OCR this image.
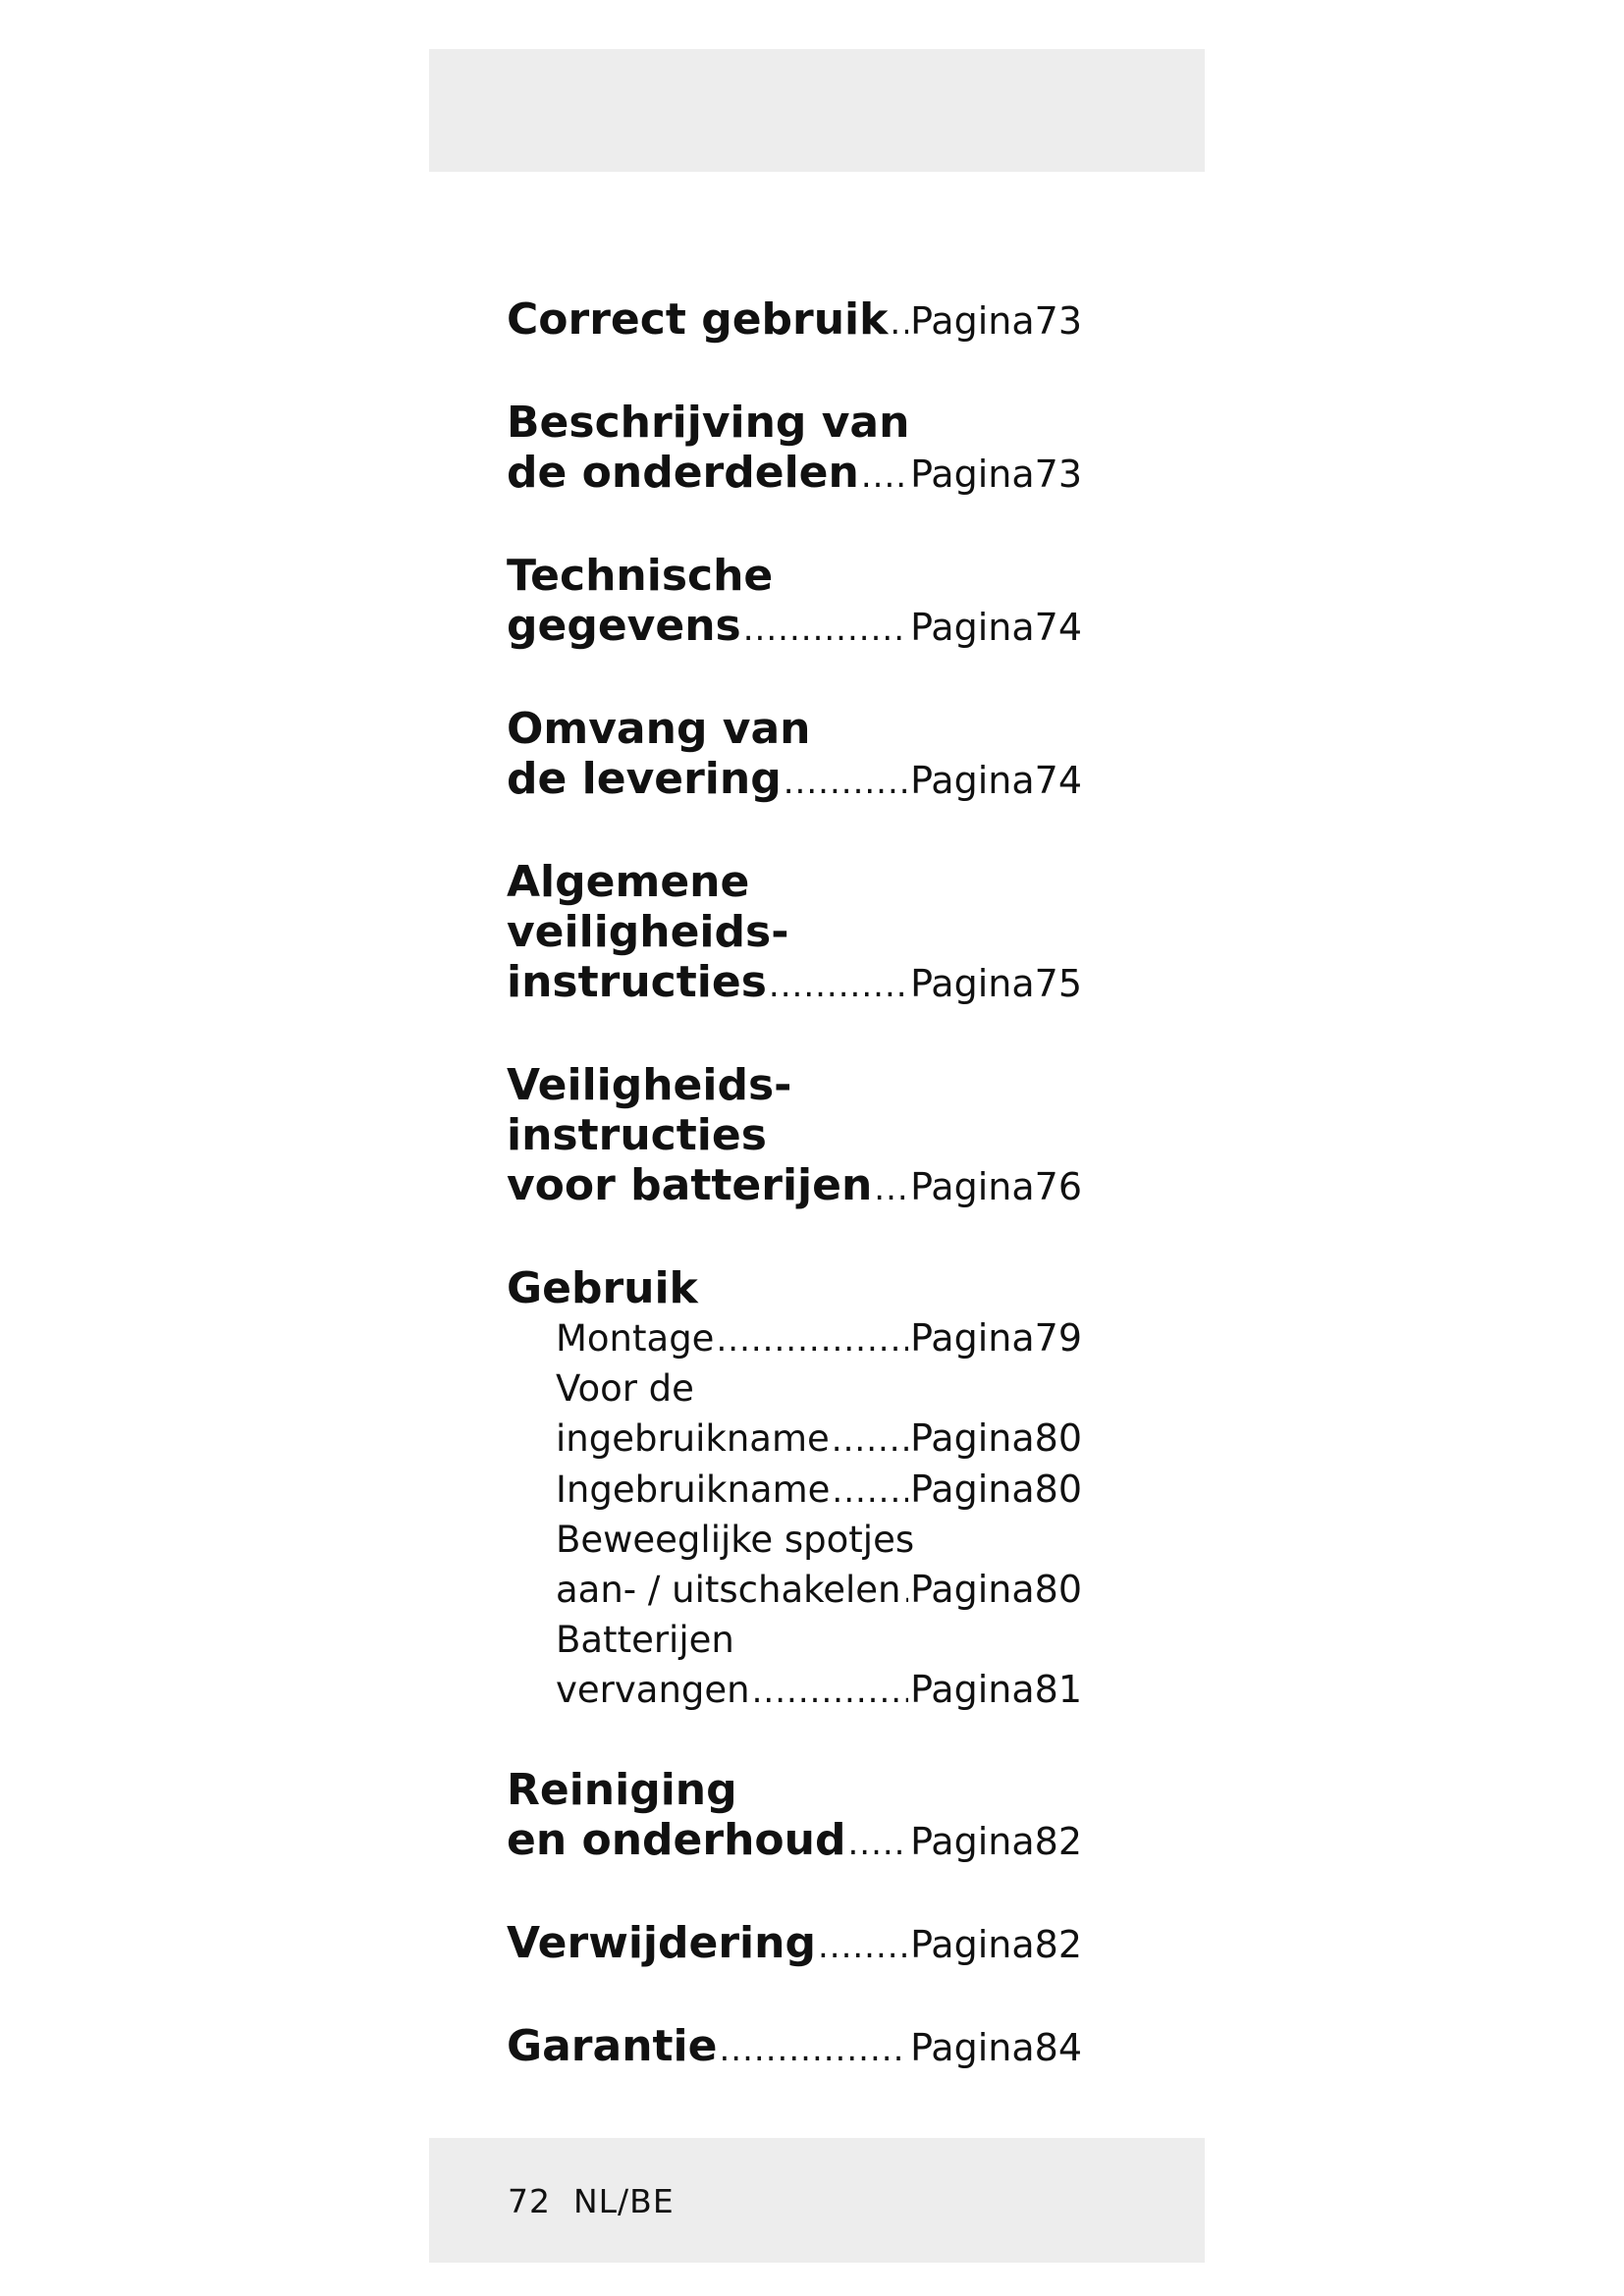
Correct gebruik ..... Pagina 73
Beschrijving van
de onderdelen ..... Pagina 73
Technische
gegevens .....	Pagina 74
Omvang van
de levering .....	Pagina 74
Algemene
veiligheids-
instructies .....	Pagina 75
Veiligheids-
instructies
voor batterijen ..... Pagina 76
Gebruik
Montage .....	Pagina 79
Voor de
ingebruikname ..... Pagina 80
Ingebruikname ..... Pagina 80
Beweeglijke spotjes
aan- / uitschakelen ..... Pagina 80
Batterijen
vervangen .....	Pagina 81
Reiniging
en onderhoud ..... Pagina 82
Verwijdering .....	Pagina 82
Garantie .....	Pagina 84
72 NL/BE
